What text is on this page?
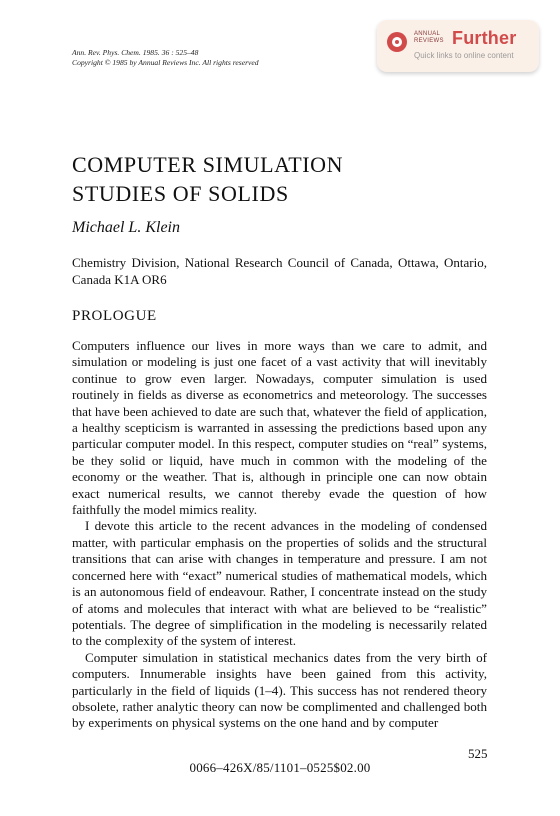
Ann. Rev. Phys. Chem. 1985. 36 : 525–48
Copyright © 1985 by Annual Reviews Inc. All rights reserved
ANNUAL
REVIEWS Further
Quick links to online content
COMPUTER SIMULATION
STUDIES OF SOLIDS
Michael L. Klein
Chemistry Division, National Research Council of Canada, Ottawa, Ontario, Canada K1A OR6
PROLOGUE

Computers influence our lives in more ways than we care to admit, and simulation or modeling is just one facet of a vast activity that will inevitably continue to grow even larger. Nowadays, computer simulation is used routinely in fields as diverse as econometrics and meteorology. The successes that have been achieved to date are such that, whatever the field of application, a healthy scepticism is warranted in assessing the predictions based upon any particular computer model. In this respect, computer studies on “real” systems, be they solid or liquid, have much in common with the modeling of the economy or the weather. That is, although in principle one can now obtain exact numerical results, we cannot thereby evade the question of how faithfully the model mimics reality.

I devote this article to the recent advances in the modeling of condensed matter, with particular emphasis on the properties of solids and the structural transitions that can arise with changes in temperature and pressure. I am not concerned here with “exact” numerical studies of mathematical models, which is an autonomous field of endeavour. Rather, I concentrate instead on the study of atoms and molecules that interact with what are believed to be “realistic” potentials. The degree of simplification in the modeling is necessarily related to the complexity of the system of interest.

Computer simulation in statistical mechanics dates from the very birth of computers. Innumerable insights have been gained from this activity, particularly in the field of liquids (1–4). This success has not rendered theory obsolete, rather analytic theory can now be complimented and challenged both by experiments on physical systems on the one hand and by computer

525
0066–426X/85/1101–0525$02.00
